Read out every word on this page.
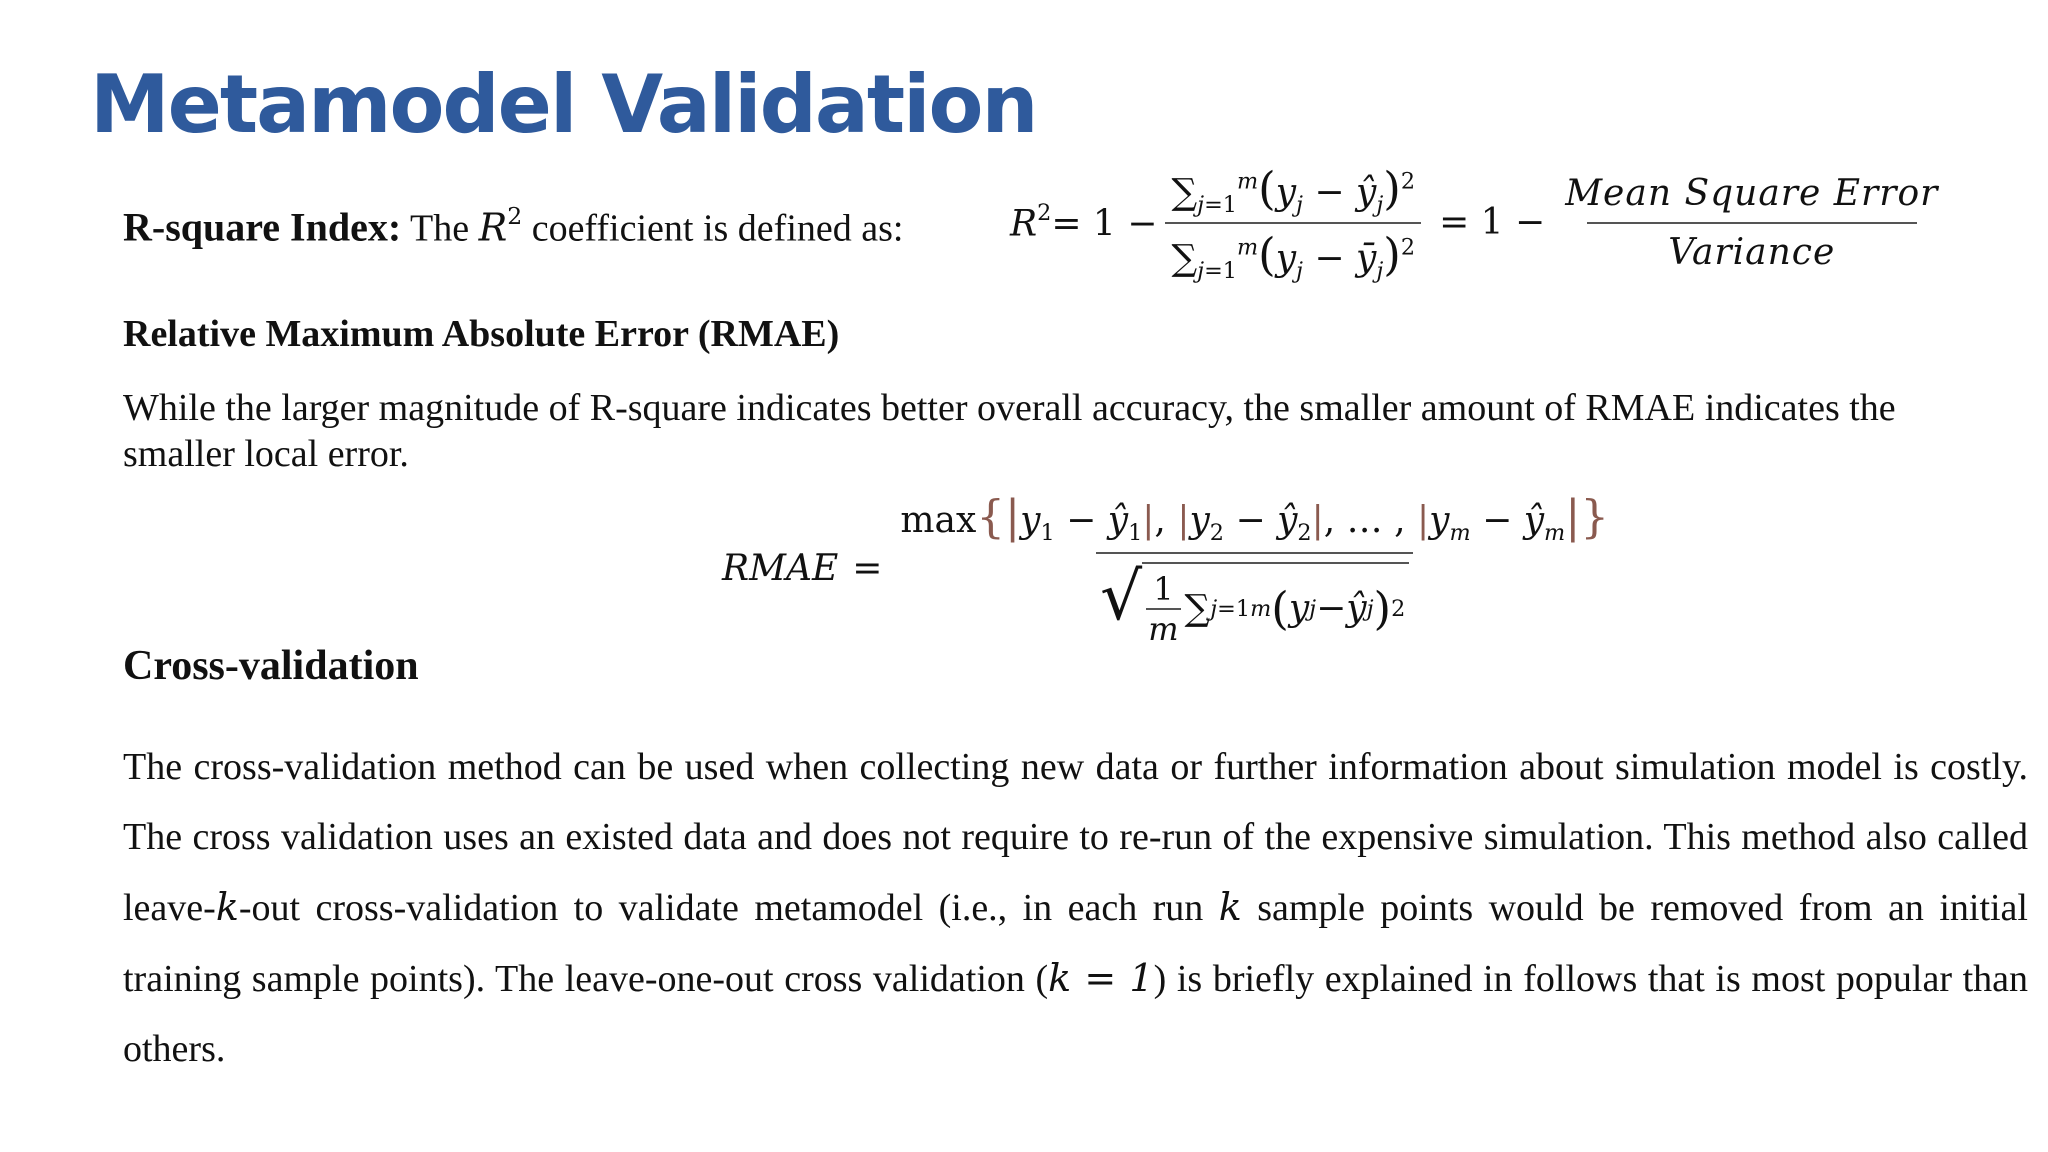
Metamodel Validation
R-square Index: The $R^2$ coefficient is defined as:	$R^2= 1 - \frac{\sum_{j=1}^m(y_j - ŷ_j)^2}{\sum_{j=1}^m(y_j - ȳ_j)^2} = 1 - \frac{\text{Mean Square Error}}{\text{Variance}}$
Relative Maximum Absolute Error (RMAE)
While the larger magnitude of R-square indicates better overall accuracy, the smaller amount of RMAE indicates the smaller local error.
RMAE = $\frac{\max\{|y_1 - ŷ_1|, |y_2 - ŷ_2|, \dots , |y_m - ŷ_m|\}}{√ \frac{1}{m} \sum j=1 m ( y j - ŷ j ) 2}$
Cross-validation
The cross-validation method can be used when collecting new data or further information about simulation model is costly. The cross validation uses an existed data and does not require to re-run of the expensive simulation. This method also called leave-k-out cross-validation to validate metamodel (i.e., in each run k sample points would be removed from an initial training sample points). The leave-one-out cross validation (k = 1) is briefly explained in follows that is most popular than others.
